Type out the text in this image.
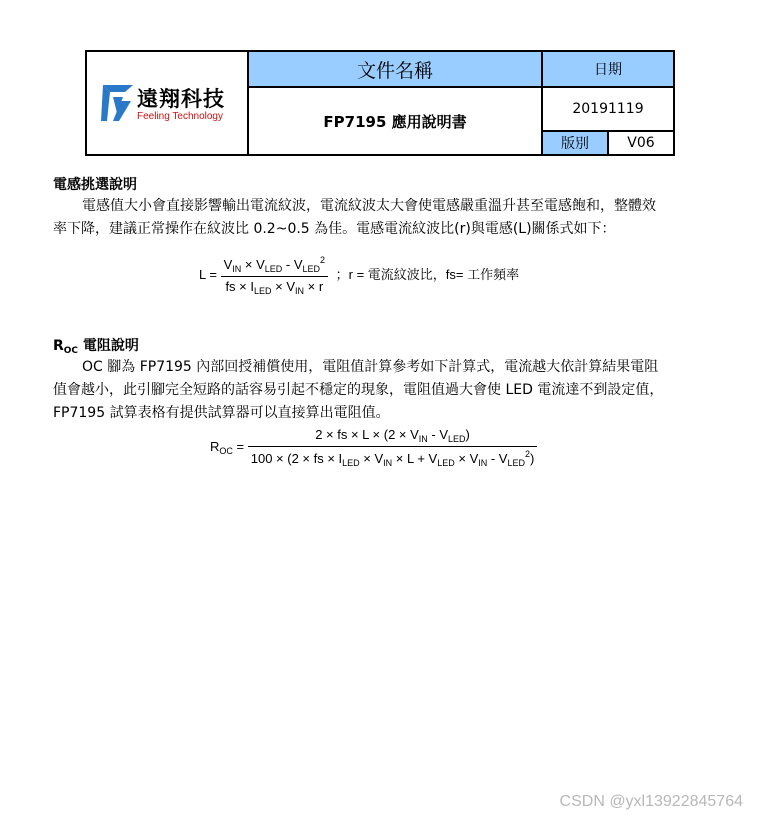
遠翔科技
Feeling Technology	文件名稱	日期	
	FP7195 應用說明書	20191119	
		版別	V06
電感挑選說明
電感值大小會直接影響輸出電流紋波，電流紋波太大會使電感嚴重溫升甚至電感飽和，整體效
率下降，建議正常操作在紋波比 0.2~0.5 為佳。電感電流紋波比(r)與電感(L)關係式如下：
$L = \frac{V_{IN} \times V_{LED} - V_{LED}^2}{fs \times I_{LED} \times V_{IN} \times r}$ ；r = 電流紋波比，fs= 工作頻率
$R_{OC}$ 電阻說明
OC 腳為 FP7195 內部回授補償使用，電阻值計算參考如下計算式，電流越大依計算結果電阻
值會越小，此引腳完全短路的話容易引起不穩定的現象，電阻值過大會使 LED 電流達不到設定值，
FP7195 試算表格有提供試算器可以直接算出電阻值。
$R_{OC} = \frac{2 \times fs \times L \times (2 \times V_{IN} - V_{LED})}{100 \times (2 \times fs \times I_{LED} \times V_{IN} \times L + V_{LED} \times V_{IN} - V_{LED}^2)}$
CSDN @yxl13922845764
